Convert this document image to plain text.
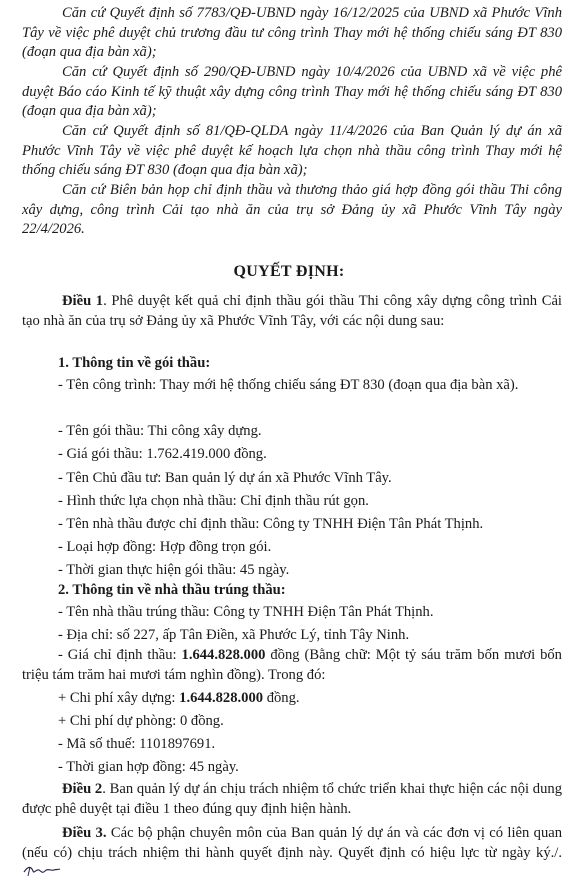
Căn cứ Quyết định số 7783/QĐ-UBND ngày 16/12/2025 của UBND xã Phước Vĩnh Tây về việc phê duyệt chủ trương đầu tư công trình Thay mới hệ thống chiếu sáng ĐT 830 (đoạn qua địa bàn xã);

Căn cứ Quyết định số 290/QĐ-UBND ngày 10/4/2026 của UBND xã về việc phê duyệt Báo cáo Kinh tế kỹ thuật xây dựng công trình Thay mới hệ thống chiếu sáng ĐT 830 (đoạn qua địa bàn xã);

Căn cứ Quyết định số 81/QĐ-QLDA ngày 11/4/2026 của Ban Quản lý dự án xã Phước Vĩnh Tây về việc phê duyệt kế hoạch lựa chọn nhà thầu công trình Thay mới hệ thống chiếu sáng ĐT 830 (đoạn qua địa bàn xã);

Căn cứ Biên bản họp chỉ định thầu và thương thảo giá hợp đồng gói thầu Thi công xây dựng, công trình Cải tạo nhà ăn của trụ sở Đảng ủy xã Phước Vĩnh Tây ngày 22/4/2026.

QUYẾT ĐỊNH:

Điều 1. Phê duyệt kết quả chỉ định thầu gói thầu Thi công xây dựng công trình Cải tạo nhà ăn của trụ sở Đảng ủy xã Phước Vĩnh Tây, với các nội dung sau:

1. Thông tin về gói thầu:

- Tên công trình: Thay mới hệ thống chiếu sáng ĐT 830 (đoạn qua địa bàn xã).

- Tên gói thầu: Thi công xây dựng.

- Giá gói thầu: 1.762.419.000 đồng.

- Tên Chủ đầu tư: Ban quản lý dự án xã Phước Vĩnh Tây.

- Hình thức lựa chọn nhà thầu: Chỉ định thầu rút gọn.

- Tên nhà thầu được chỉ định thầu: Công ty TNHH Điện Tân Phát Thịnh.

- Loại hợp đồng: Hợp đồng trọn gói.

- Thời gian thực hiện gói thầu: 45 ngày.

2. Thông tin về nhà thầu trúng thầu:

- Tên nhà thầu trúng thầu: Công ty TNHH Điện Tân Phát Thịnh.

- Địa chỉ: số 227, ấp Tân Điền, xã Phước Lý, tỉnh Tây Ninh.

- Giá chỉ định thầu: 1.644.828.000 đồng (Bằng chữ: Một tỷ sáu trăm bốn mươi bốn triệu tám trăm hai mươi tám nghìn đồng). Trong đó:

+ Chi phí xây dựng: 1.644.828.000 đồng.

+ Chi phí dự phòng: 0 đồng.

- Mã số thuế: 1101897691.

- Thời gian hợp đồng: 45 ngày.

Điều 2. Ban quản lý dự án chịu trách nhiệm tổ chức triển khai thực hiện các nội dung được phê duyệt tại điều 1 theo đúng quy định hiện hành.

Điều 3. Các bộ phận chuyên môn của Ban quản lý dự án và các đơn vị có liên quan (nếu có) chịu trách nhiệm thi hành quyết định này. Quyết định có hiệu lực từ ngày ký./.
